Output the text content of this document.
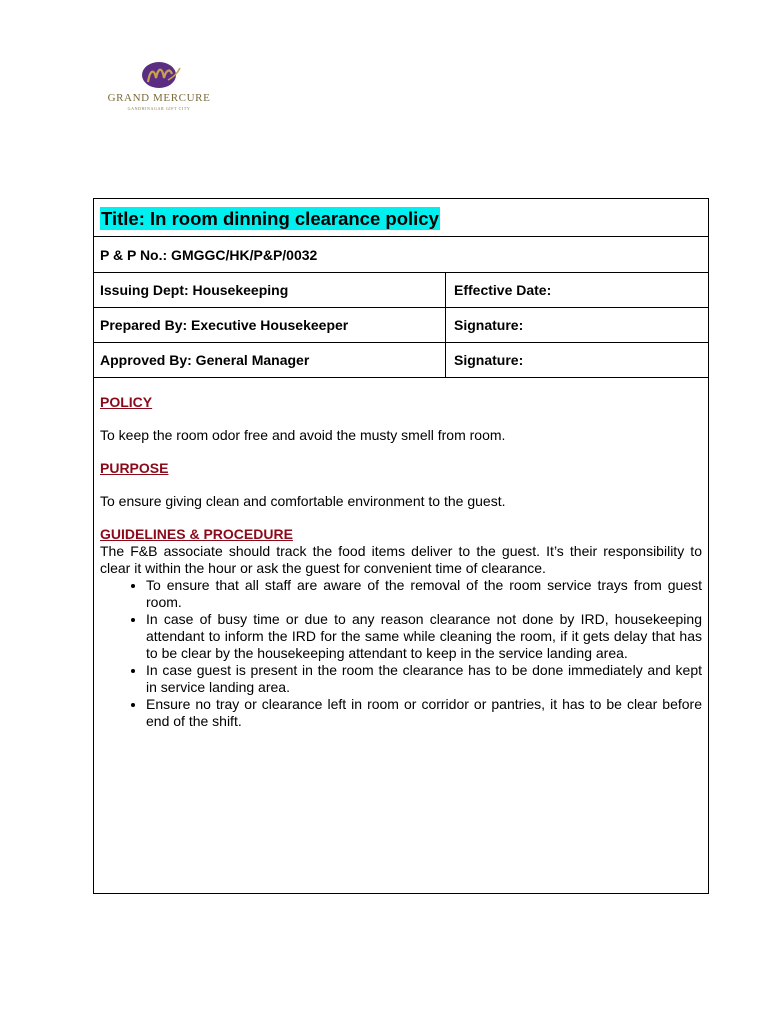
GRAND MERCURE
GANDHINAGAR GIFT CITY
Title: In room dinning clearance policy
P & P No.: GMGGC/HK/P&P/0032
Issuing Dept: Housekeeping	Effective Date:
Prepared By: Executive Housekeeper	Signature:
Approved By: General Manager	Signature:
POLICY

To keep the room odor free and avoid the musty smell from room.

PURPOSE

To ensure giving clean and comfortable environment to the guest.

GUIDELINES & PROCEDURE

The F&B associate should track the food items deliver to the guest. It’s their responsibility to clear it within the hour or ask the guest for convenient time of clearance.

• To ensure that all staff are aware of the removal of the room service trays from guest room.
• In case of busy time or due to any reason clearance not done by IRD, housekeeping attendant to inform the IRD for the same while cleaning the room, if it gets delay that has to be clear by the housekeeping attendant to keep in the service landing area.
• In case guest is present in the room the clearance has to be done immediately and kept in service landing area.
• Ensure no tray or clearance left in room or corridor or pantries, it has to be clear before end of the shift.
